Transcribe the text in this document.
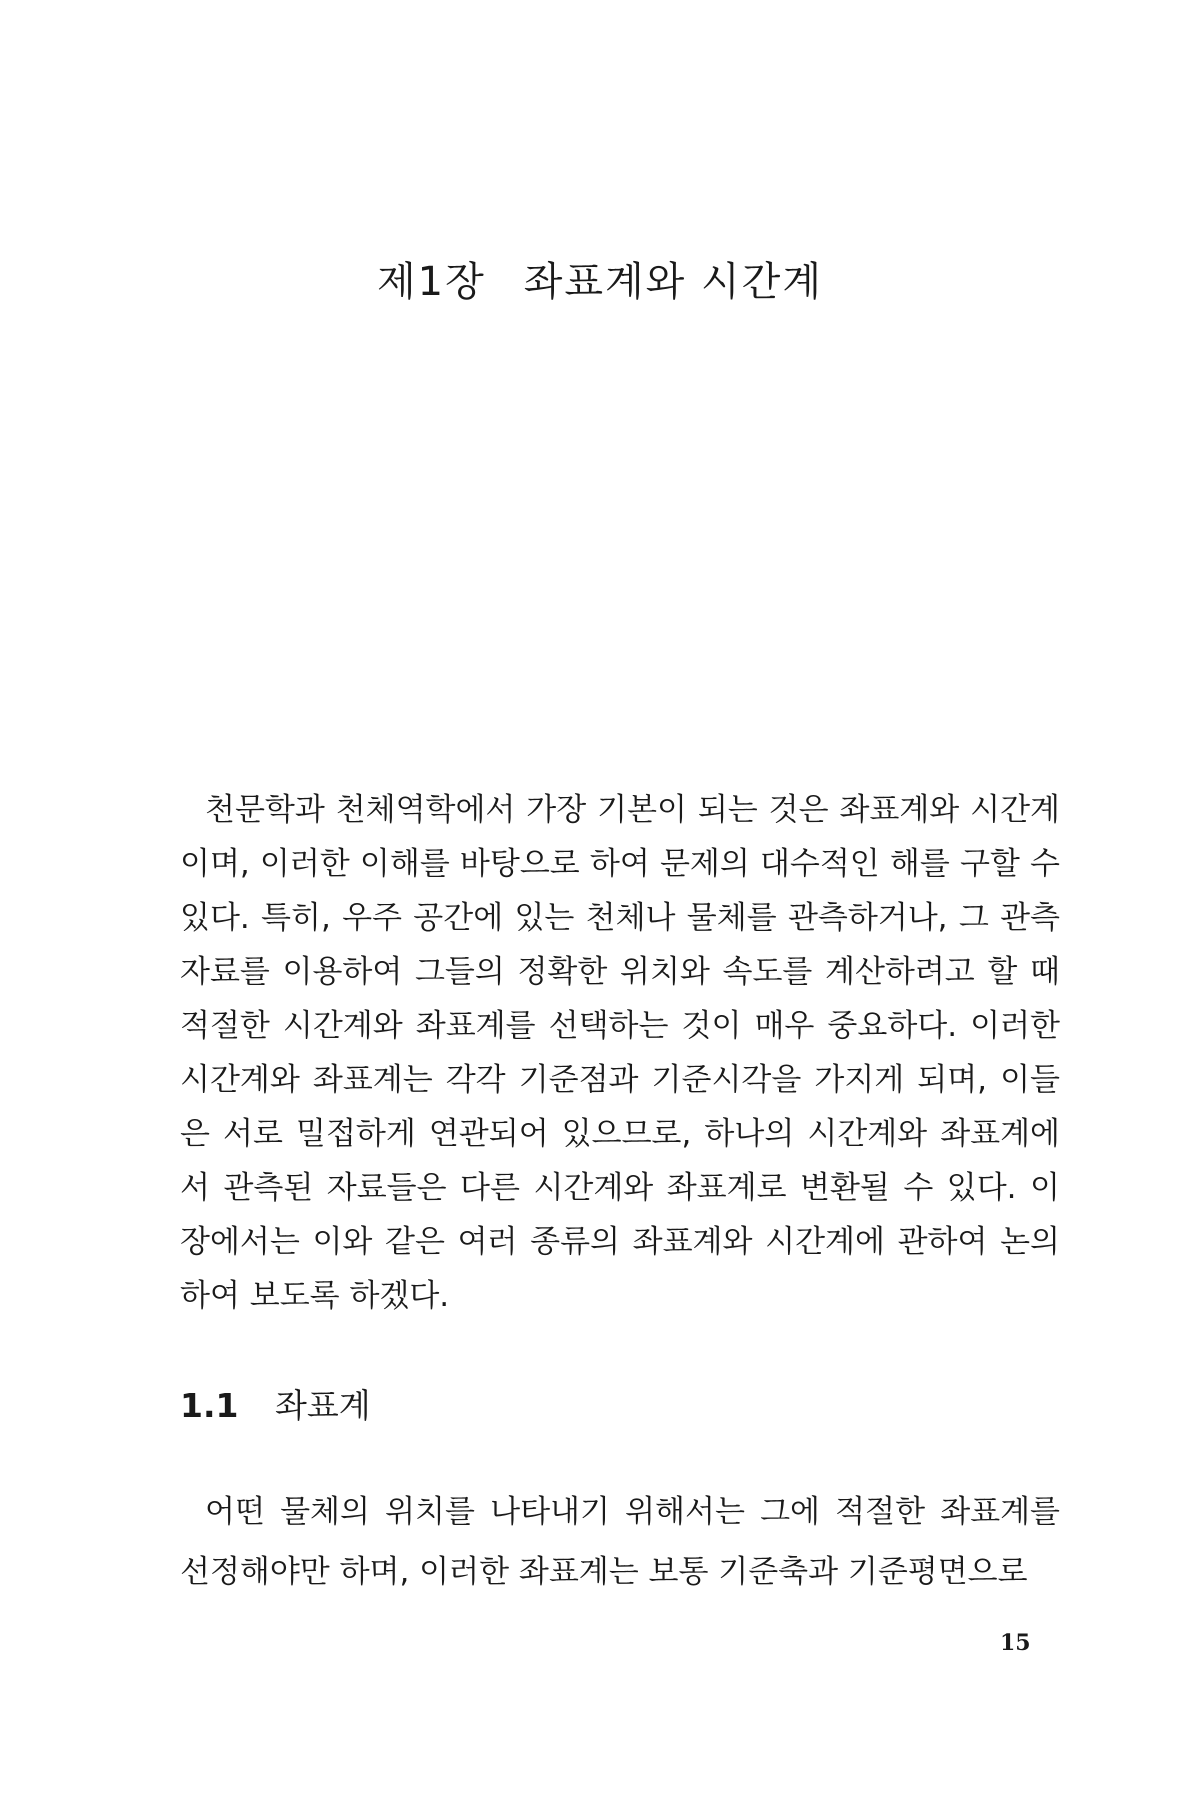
제1장 좌표계와 시간계

천문학과 천체역학에서 가장 기본이 되는 것은 좌표계와 시간계이며, 이러한 이해를 바탕으로 하여 문제의 대수적인 해를 구할 수 있다. 특히, 우주 공간에 있는 천체나 물체를 관측하거나, 그 관측 자료를 이용하여 그들의 정확한 위치와 속도를 계산하려고 할 때 적절한 시간계와 좌표계를 선택하는 것이 매우 중요하다. 이러한 시간계와 좌표계는 각각 기준점과 기준시각을 가지게 되며, 이들은 서로 밀접하게 연관되어 있으므로, 하나의 시간계와 좌표계에서 관측된 자료들은 다른 시간계와 좌표계로 변환될 수 있다. 이 장에서는 이와 같은 여러 종류의 좌표계와 시간계에 관하여 논의하여 보도록 하겠다.

1.1 좌표계

어떤 물체의 위치를 나타내기 위해서는 그에 적절한 좌표계를 선정해야만 하며, 이러한 좌표계는 보통 기준축과 기준평면으로

15
